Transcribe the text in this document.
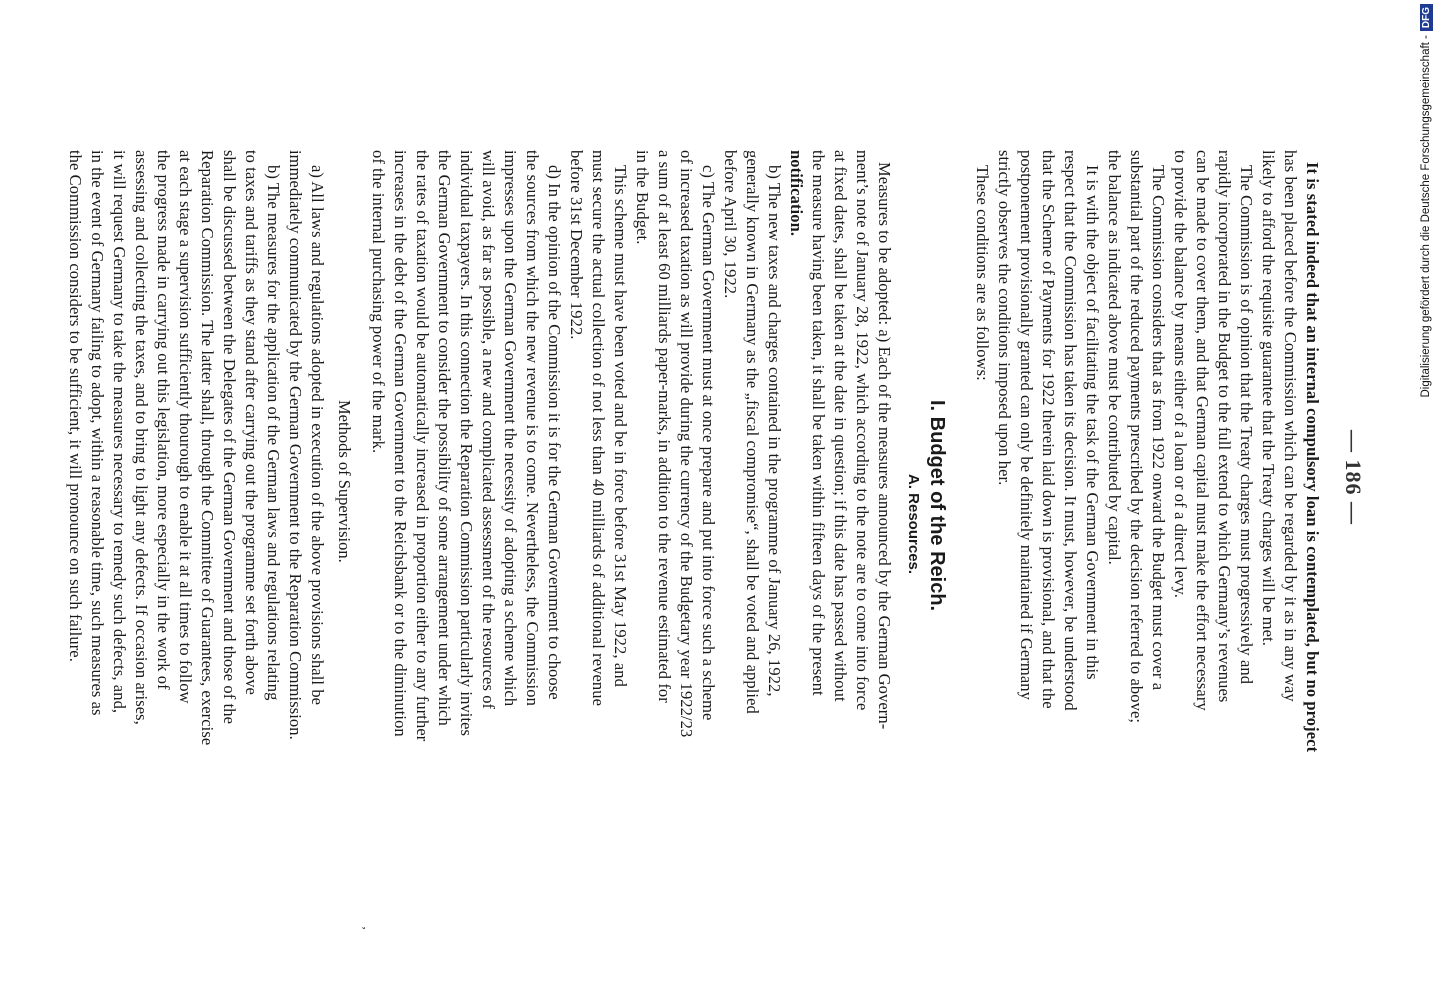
— 186 —
It is stated indeed that an internal compulsory loan is contemplated, but no project
has been placed before the Commission which can be regarded by it as in any way
likely to afford the requisite guarantee that the Treaty charges will be met.
The Commission is of opinion that the Treaty charges must progressively and
rapidly incorporated in the Budget to the full extend to which Germany’s revenues
can be made to cover them, and that German capital must make the effort necessary
to provide the balance by means either of a loan or of a direct levy.
The Commission considers that as from 1922 onward the Budget must cover a
substantial part of the reduced payments prescribed by the decision referred to above;
the balance as indicated above must be contributed by capital.
It is with the object of facilitating the task of the German Government in this
respect that the Commission has taken its decision. It must, however, be understood
that the Scheme of Payments for 1922 therein laid down is provisional, and that the
postponement provisionally granted can only be definitely maintained if Germany
strictly observes the conditions imposed upon her.
These conditions are as follows:
I. Budget of the Reich.
A. Resources.
Measures to be adopted: a) Each of the measures announced by the German Govern-
ment’s note of January 28, 1922, which according to the note are to come into force
at fixed dates, shall be taken at the date in question; if this date has passed without
the measure having been taken, it shall be taken within fifteen days of the present
notification.
b) The new taxes and charges contained in the programme of January 26, 1922,
generally known in Germany as the „fiscal compromise“, shall be voted and applied
before April 30, 1922.
c) The German Government must at once prepare and put into force such a scheme
of increased taxation as will provide during the currency of the Budgetary year 1922/23
a sum of at least 60 milliards paper-marks, in addition to the revenue estimated for
in the Budget.
This scheme must have been voted and be in force before 31st May 1922, and
must secure the actual collection of not less than 40 milliards of additional revenue
before 31st December 1922.
d) In the opinion of the Commission it is for the German Government to choose
the sources from which the new revenue is to come. Nevertheless, the Commission
impresses upon the German Government the necessity of adopting a scheme which
will avoid, as far as possible, a new and complicated assessment of the resources of
individual taxpayers. In this connection the Reparation Commission particularly invites
the German Government to consider the possibility of some arrangement under which
the rates of taxation would be automatically increased in proportion either to any further
increases in the debt of the German Government to the Reichsbank or to the diminution
of the internal purchasing power of the mark.
ʼ
Methods of Supervision.
a) All laws and regulations adopted in execution of the above provisions shall be
immediately communicated by the German Government to the Reparation Commission.
b) The measures for the application of the German laws and regulations relating
to taxes and tariffs as they stand after carrying out the programme set forth above
shall be discussed between the Delegates of the German Government and those of the
Reparation Commission. The latter shall, through the Committee of Guarantees, exercise
at each stage a supervision sufficiently thourough to enable it at all times to follow
the progress made in carrying out this legislation, more especially in the work of
assessing and collecting the taxes, and to bring to light any defects. If occasion arises,
it will request Germany to take the measures necessary to remedy such defects, and,
in the event of Germany failing to adopt, within a reasonable time, such measures as
the Commission considers to be sufficient, it will pronounce on such failure.	Digitalisierung gefördert durch die Deutsche Forschungsgemeinschaft -
DFG
